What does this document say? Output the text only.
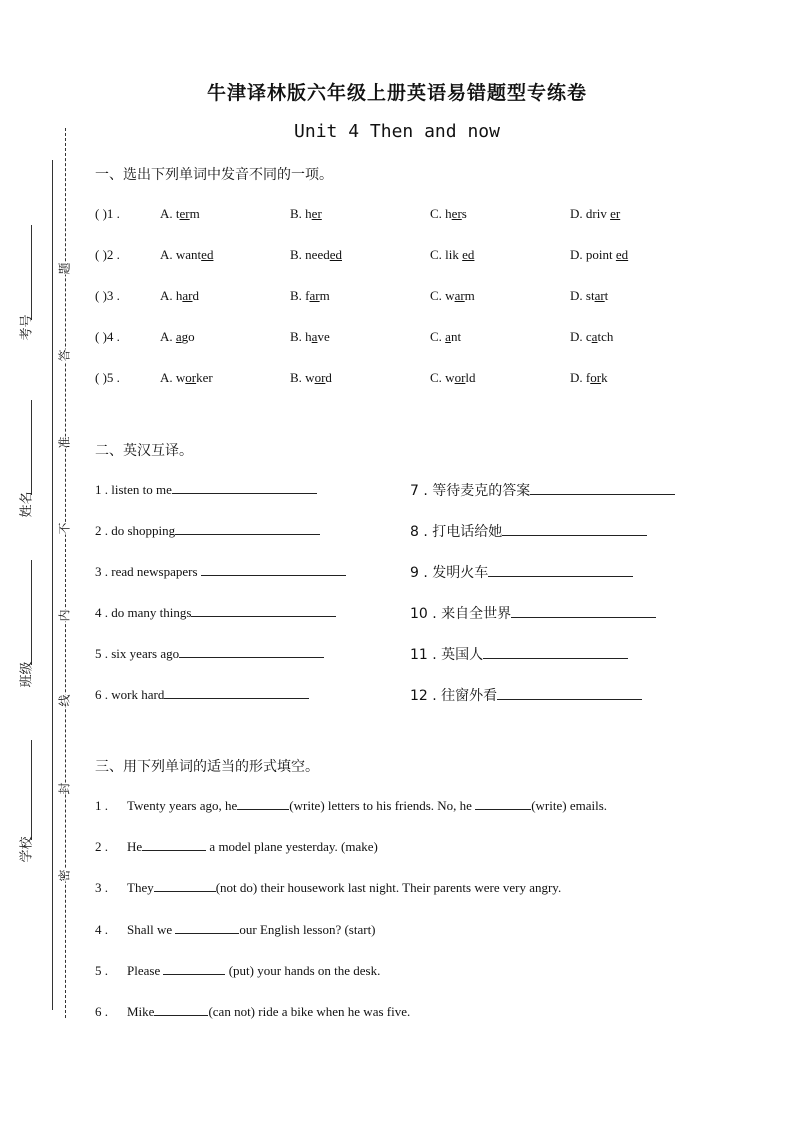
考号
姓名
班级
学校
题
答
准
不
内
线
封
密
牛津译林版六年级上册英语易错题型专练卷
Unit 4 Then and now
一、选出下列单词中发音不同的一项。
( )1 .	A. term	B. her	C. hers	D. driv er
( )2 .	A. wanted	B. needed	C. lik ed	D. point ed
( )3 .	A. hard	B. farm	C. warm	D. start
( )4 .	A. ago	B. have	C. ant	D. catch
( )5 .	A. worker	B. word	C. world	D. fork
二、英汉互译。
1 . listen to me
2 . do shopping
3 . read newspapers
4 . do many things
5 . six years ago
6 . work hard
7 . 等待麦克的答案
8 . 打电话给她
9 . 发明火车
10 . 来自全世界
11 . 英国人
12 . 往窗外看
三、用下列单词的适当的形式填空。
1 .Twenty years ago, he	(write) letters to his friends. No, he	(write) emails.
2 .He	a model plane yesterday. (make)
3 .They	(not do) their housework last night. Their parents were very angry.
4 .Shall we	our English lesson? (start)
5 .Please	(put) your hands on the desk.
6 .Mike	(can not) ride a bike when he was five.
